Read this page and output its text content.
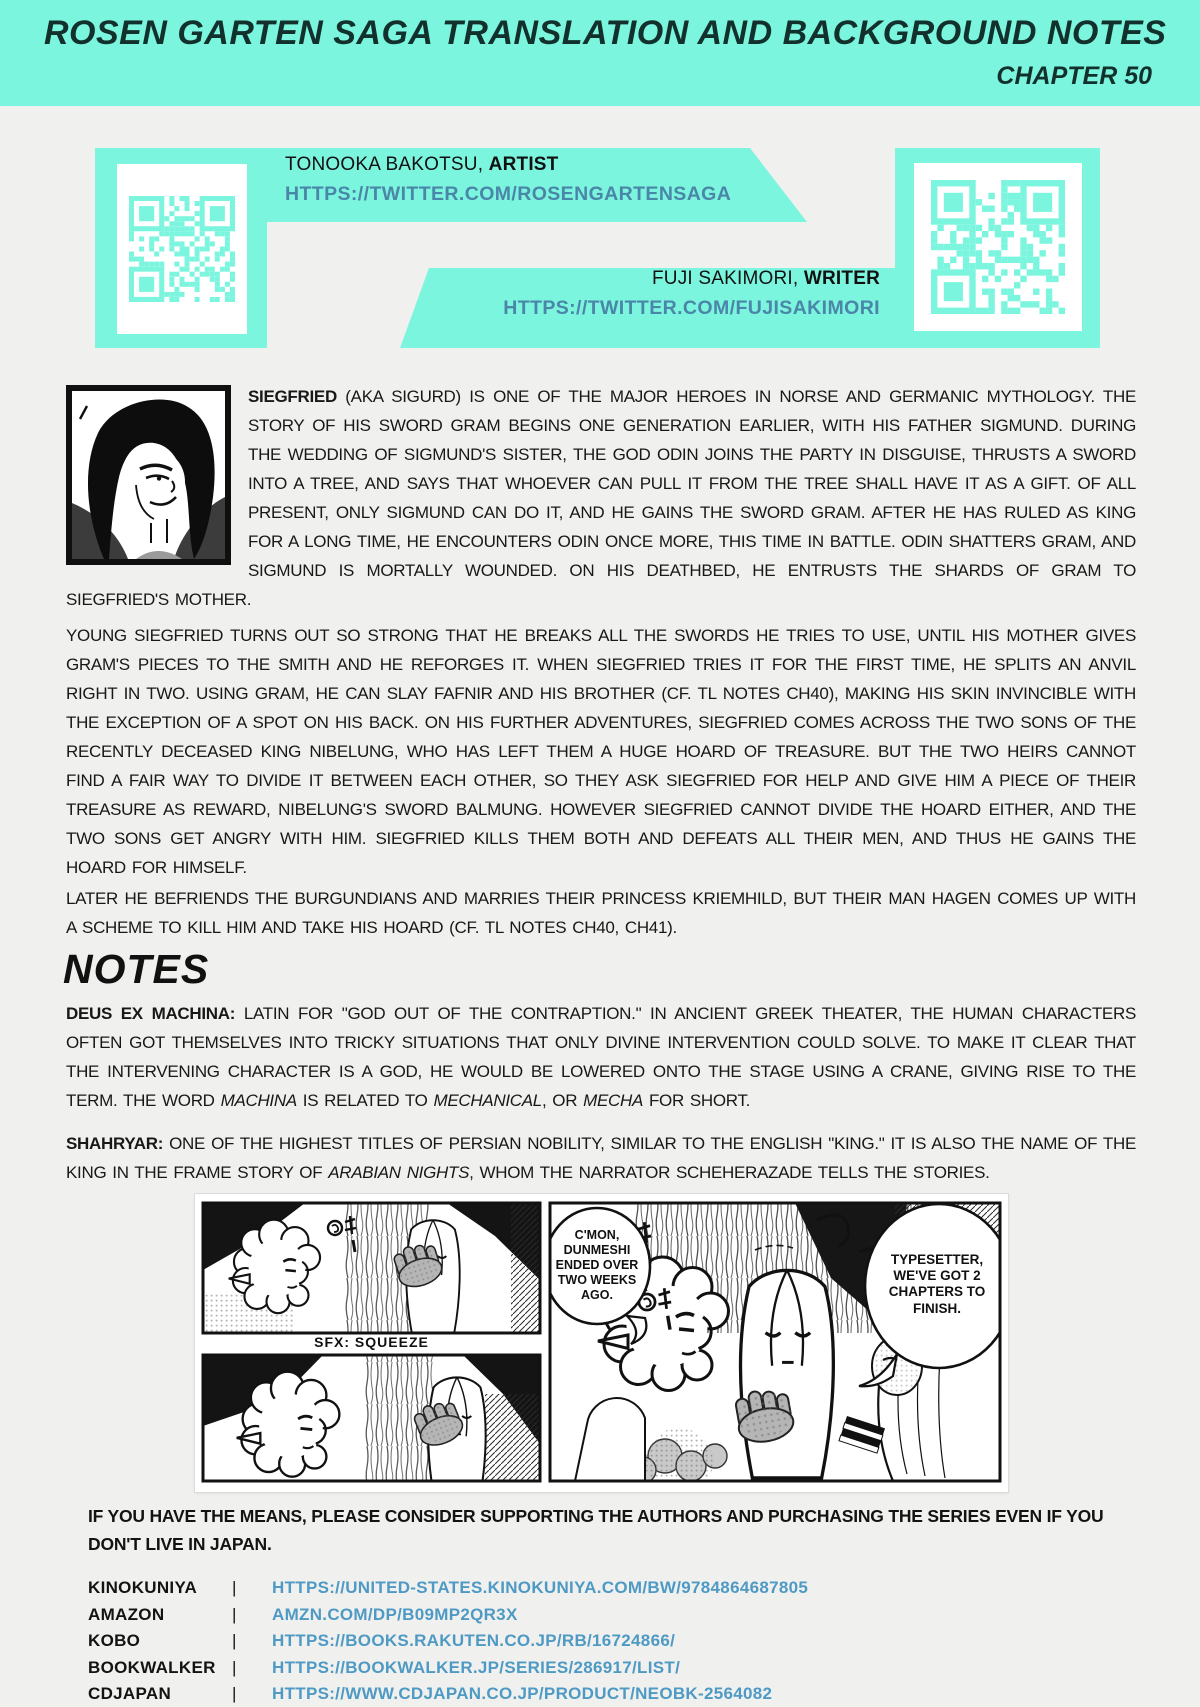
ROSEN GARTEN SAGA TRANSLATION AND BACKGROUND NOTES
CHAPTER 50
TONOOKA BAKOTSU, ARTIST
HTTPS://TWITTER.COM/ROSENGARTENSAGA
FUJI SAKIMORI, WRITER
HTTPS://TWITTER.COM/FUJISAKIMORI
SIEGFRIED (AKA SIGURD) IS ONE OF THE MAJOR HEROES IN NORSE AND GERMANIC MYTHOLOGY. THE STORY OF HIS SWORD GRAM BEGINS ONE GENERATION EARLIER, WITH HIS FATHER SIGMUND. DURING THE WEDDING OF SIGMUND'S SISTER, THE GOD ODIN JOINS THE PARTY IN DISGUISE, THRUSTS A SWORD INTO A TREE, AND SAYS THAT WHOEVER CAN PULL IT FROM THE TREE SHALL HAVE IT AS A GIFT. OF ALL PRESENT, ONLY SIGMUND CAN DO IT, AND HE GAINS THE SWORD GRAM. AFTER HE HAS RULED AS KING FOR A LONG TIME, HE ENCOUNTERS ODIN ONCE MORE, THIS TIME IN BATTLE. ODIN SHATTERS GRAM, AND SIGMUND IS MORTALLY WOUNDED. ON HIS DEATHBED, HE ENTRUSTS THE SHARDS OF GRAM TO SIEGFRIED'S MOTHER.
YOUNG SIEGFRIED TURNS OUT SO STRONG THAT HE BREAKS ALL THE SWORDS HE TRIES TO USE, UNTIL HIS MOTHER GIVES GRAM'S PIECES TO THE SMITH AND HE REFORGES IT. WHEN SIEGFRIED TRIES IT FOR THE FIRST TIME, HE SPLITS AN ANVIL RIGHT IN TWO. USING GRAM, HE CAN SLAY FAFNIR AND HIS BROTHER (CF. TL NOTES CH40), MAKING HIS SKIN INVINCIBLE WITH THE EXCEPTION OF A SPOT ON HIS BACK. ON HIS FURTHER ADVENTURES, SIEGFRIED COMES ACROSS THE TWO SONS OF THE RECENTLY DECEASED KING NIBELUNG, WHO HAS LEFT THEM A HUGE HOARD OF TREASURE. BUT THE TWO HEIRS CANNOT FIND A FAIR WAY TO DIVIDE IT BETWEEN EACH OTHER, SO THEY ASK SIEGFRIED FOR HELP AND GIVE HIM A PIECE OF THEIR TREASURE AS REWARD, NIBELUNG'S SWORD BALMUNG. HOWEVER SIEGFRIED CANNOT DIVIDE THE HOARD EITHER, AND THE TWO SONS GET ANGRY WITH HIM. SIEGFRIED KILLS THEM BOTH AND DEFEATS ALL THEIR MEN, AND THUS HE GAINS THE HOARD FOR HIMSELF.
LATER HE BEFRIENDS THE BURGUNDIANS AND MARRIES THEIR PRINCESS KRIEMHILD, BUT THEIR MAN HAGEN COMES UP WITH A SCHEME TO KILL HIM AND TAKE HIS HOARD (CF. TL NOTES CH40, CH41).
NOTES
DEUS EX MACHINA: LATIN FOR "GOD OUT OF THE CONTRAPTION." IN ANCIENT GREEK THEATER, THE HUMAN CHARACTERS OFTEN GOT THEMSELVES INTO TRICKY SITUATIONS THAT ONLY DIVINE INTERVENTION COULD SOLVE. TO MAKE IT CLEAR THAT THE INTERVENING CHARACTER IS A GOD, HE WOULD BE LOWERED ONTO THE STAGE USING A CRANE, GIVING RISE TO THE TERM. THE WORD MACHINA IS RELATED TO MECHANICAL, OR MECHA FOR SHORT.
SHAHRYAR: ONE OF THE HIGHEST TITLES OF PERSIAN NOBILITY, SIMILAR TO THE ENGLISH "KING." IT IS ALSO THE NAME OF THE KING IN THE FRAME STORY OF ARABIAN NIGHTS, WHOM THE NARRATOR SCHEHERAZADE TELLS THE STORIES.
C'MON, DUNMESHI ENDED OVER TWO WEEKS AGO.
TYPESETTER, WE'VE GOT 2 CHAPTERS TO FINISH.
SFX: SQUEEZE
IF YOU HAVE THE MEANS, PLEASE CONSIDER SUPPORTING THE AUTHORS AND PURCHASING THE SERIES EVEN IF YOU DON'T LIVE IN JAPAN.
KINOKUNIYA	|	HTTPS://UNITED-STATES.KINOKUNIYA.COM/BW/9784864687805
AMAZON	|	AMZN.COM/DP/B09MP2QR3X
KOBO	|	HTTPS://BOOKS.RAKUTEN.CO.JP/RB/16724866/
BOOKWALKER |	HTTPS://BOOKWALKER.JP/SERIES/286917/LIST/
CDJAPAN	|	HTTPS://WWW.CDJAPAN.CO.JP/PRODUCT/NEOBK-2564082
